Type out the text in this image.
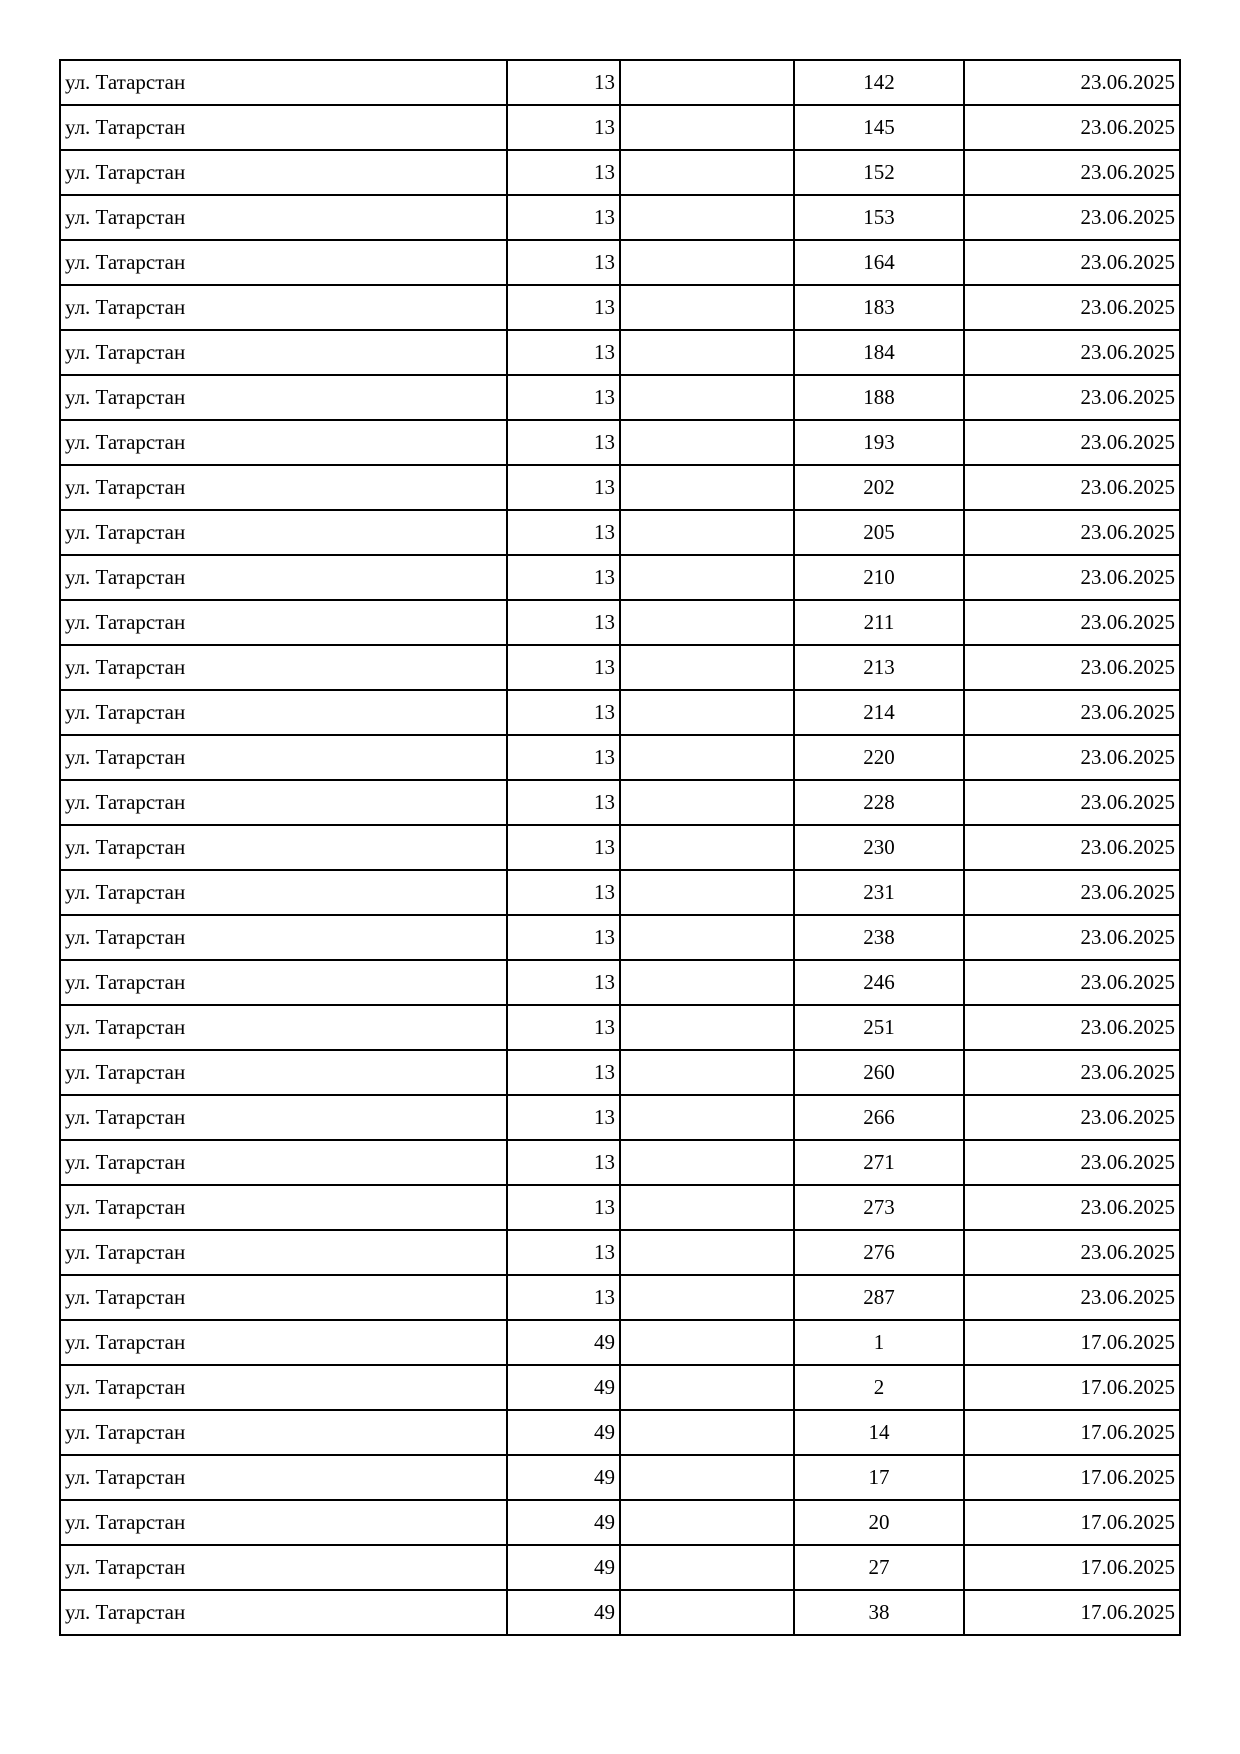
ул. Татарстан	13		142	23.06.2025
ул. Татарстан	13		145	23.06.2025
ул. Татарстан	13		152	23.06.2025
ул. Татарстан	13		153	23.06.2025
ул. Татарстан	13		164	23.06.2025
ул. Татарстан	13		183	23.06.2025
ул. Татарстан	13		184	23.06.2025
ул. Татарстан	13		188	23.06.2025
ул. Татарстан	13		193	23.06.2025
ул. Татарстан	13		202	23.06.2025
ул. Татарстан	13		205	23.06.2025
ул. Татарстан	13		210	23.06.2025
ул. Татарстан	13		211	23.06.2025
ул. Татарстан	13		213	23.06.2025
ул. Татарстан	13		214	23.06.2025
ул. Татарстан	13		220	23.06.2025
ул. Татарстан	13		228	23.06.2025
ул. Татарстан	13		230	23.06.2025
ул. Татарстан	13		231	23.06.2025
ул. Татарстан	13		238	23.06.2025
ул. Татарстан	13		246	23.06.2025
ул. Татарстан	13		251	23.06.2025
ул. Татарстан	13		260	23.06.2025
ул. Татарстан	13		266	23.06.2025
ул. Татарстан	13		271	23.06.2025
ул. Татарстан	13		273	23.06.2025
ул. Татарстан	13		276	23.06.2025
ул. Татарстан	13		287	23.06.2025
ул. Татарстан	49		1	17.06.2025
ул. Татарстан	49		2	17.06.2025
ул. Татарстан	49		14	17.06.2025
ул. Татарстан	49		17	17.06.2025
ул. Татарстан	49		20	17.06.2025
ул. Татарстан	49		27	17.06.2025
ул. Татарстан	49		38	17.06.2025
